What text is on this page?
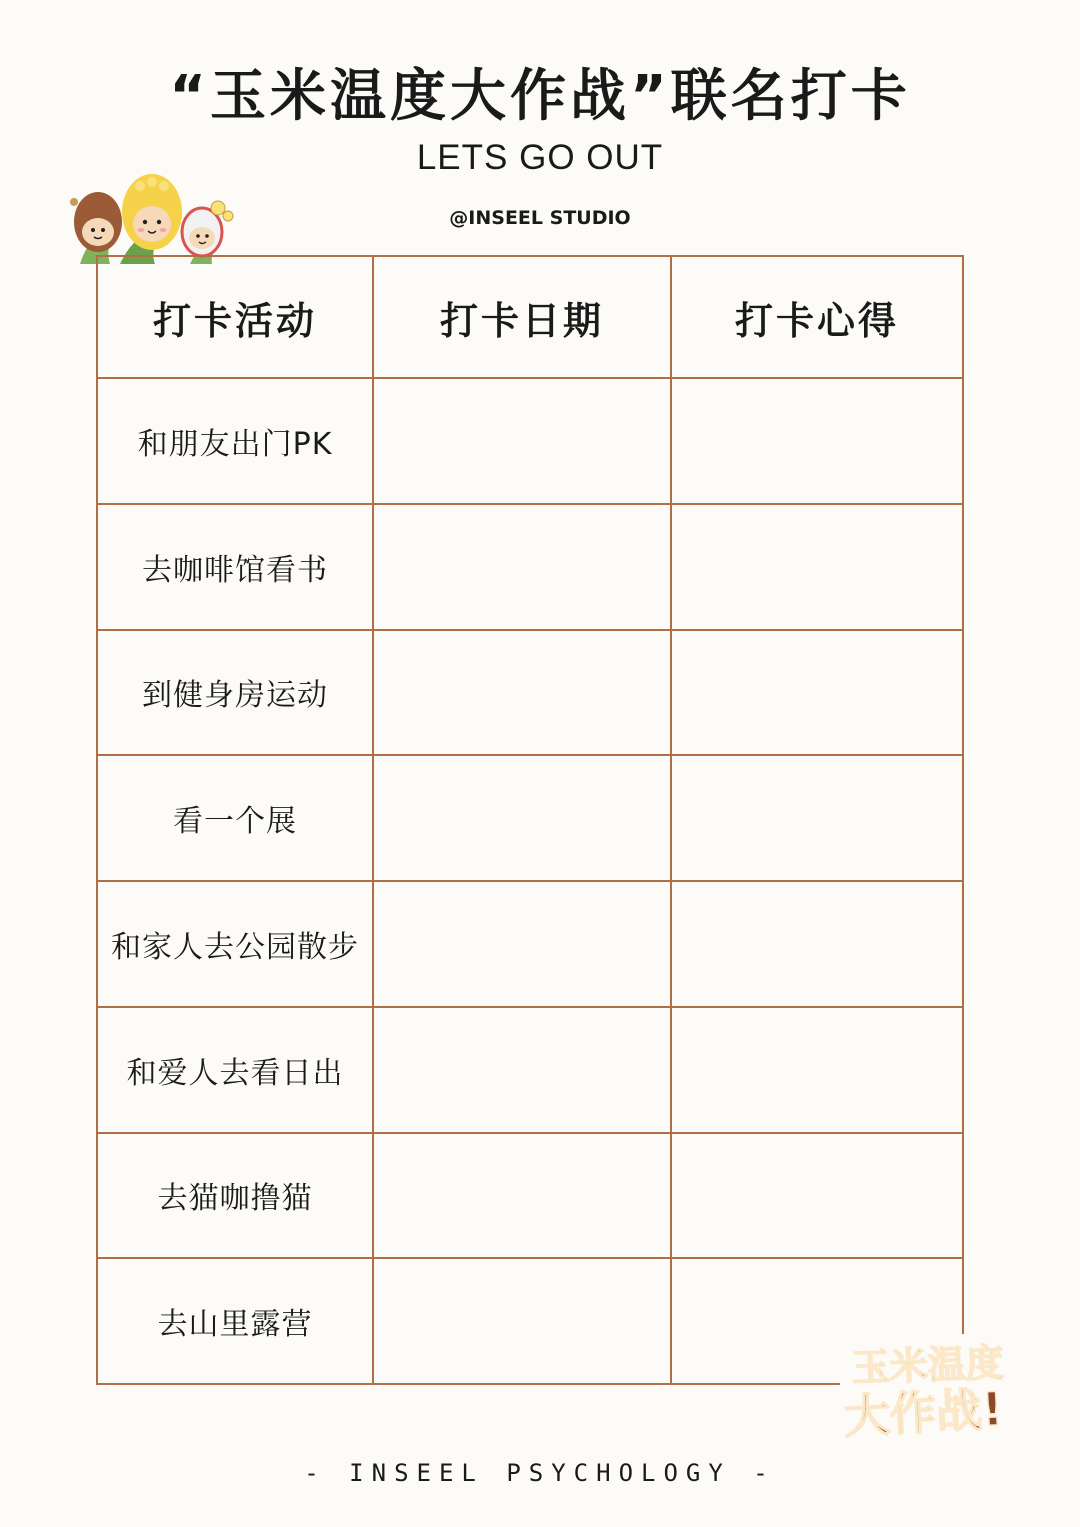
“玉米温度大作战”联名打卡
LETS GO OUT
@INSEEL STUDIO
打卡活动	打卡日期	打卡心得
和朋友出门PK		
去咖啡馆看书		
到健身房运动		
看一个展		
和家人去公园散步		
和爱人去看日出		
去猫咖撸猫		
去山里露营		
玉米温度
大作战!
- INSEEL PSYCHOLOGY -
